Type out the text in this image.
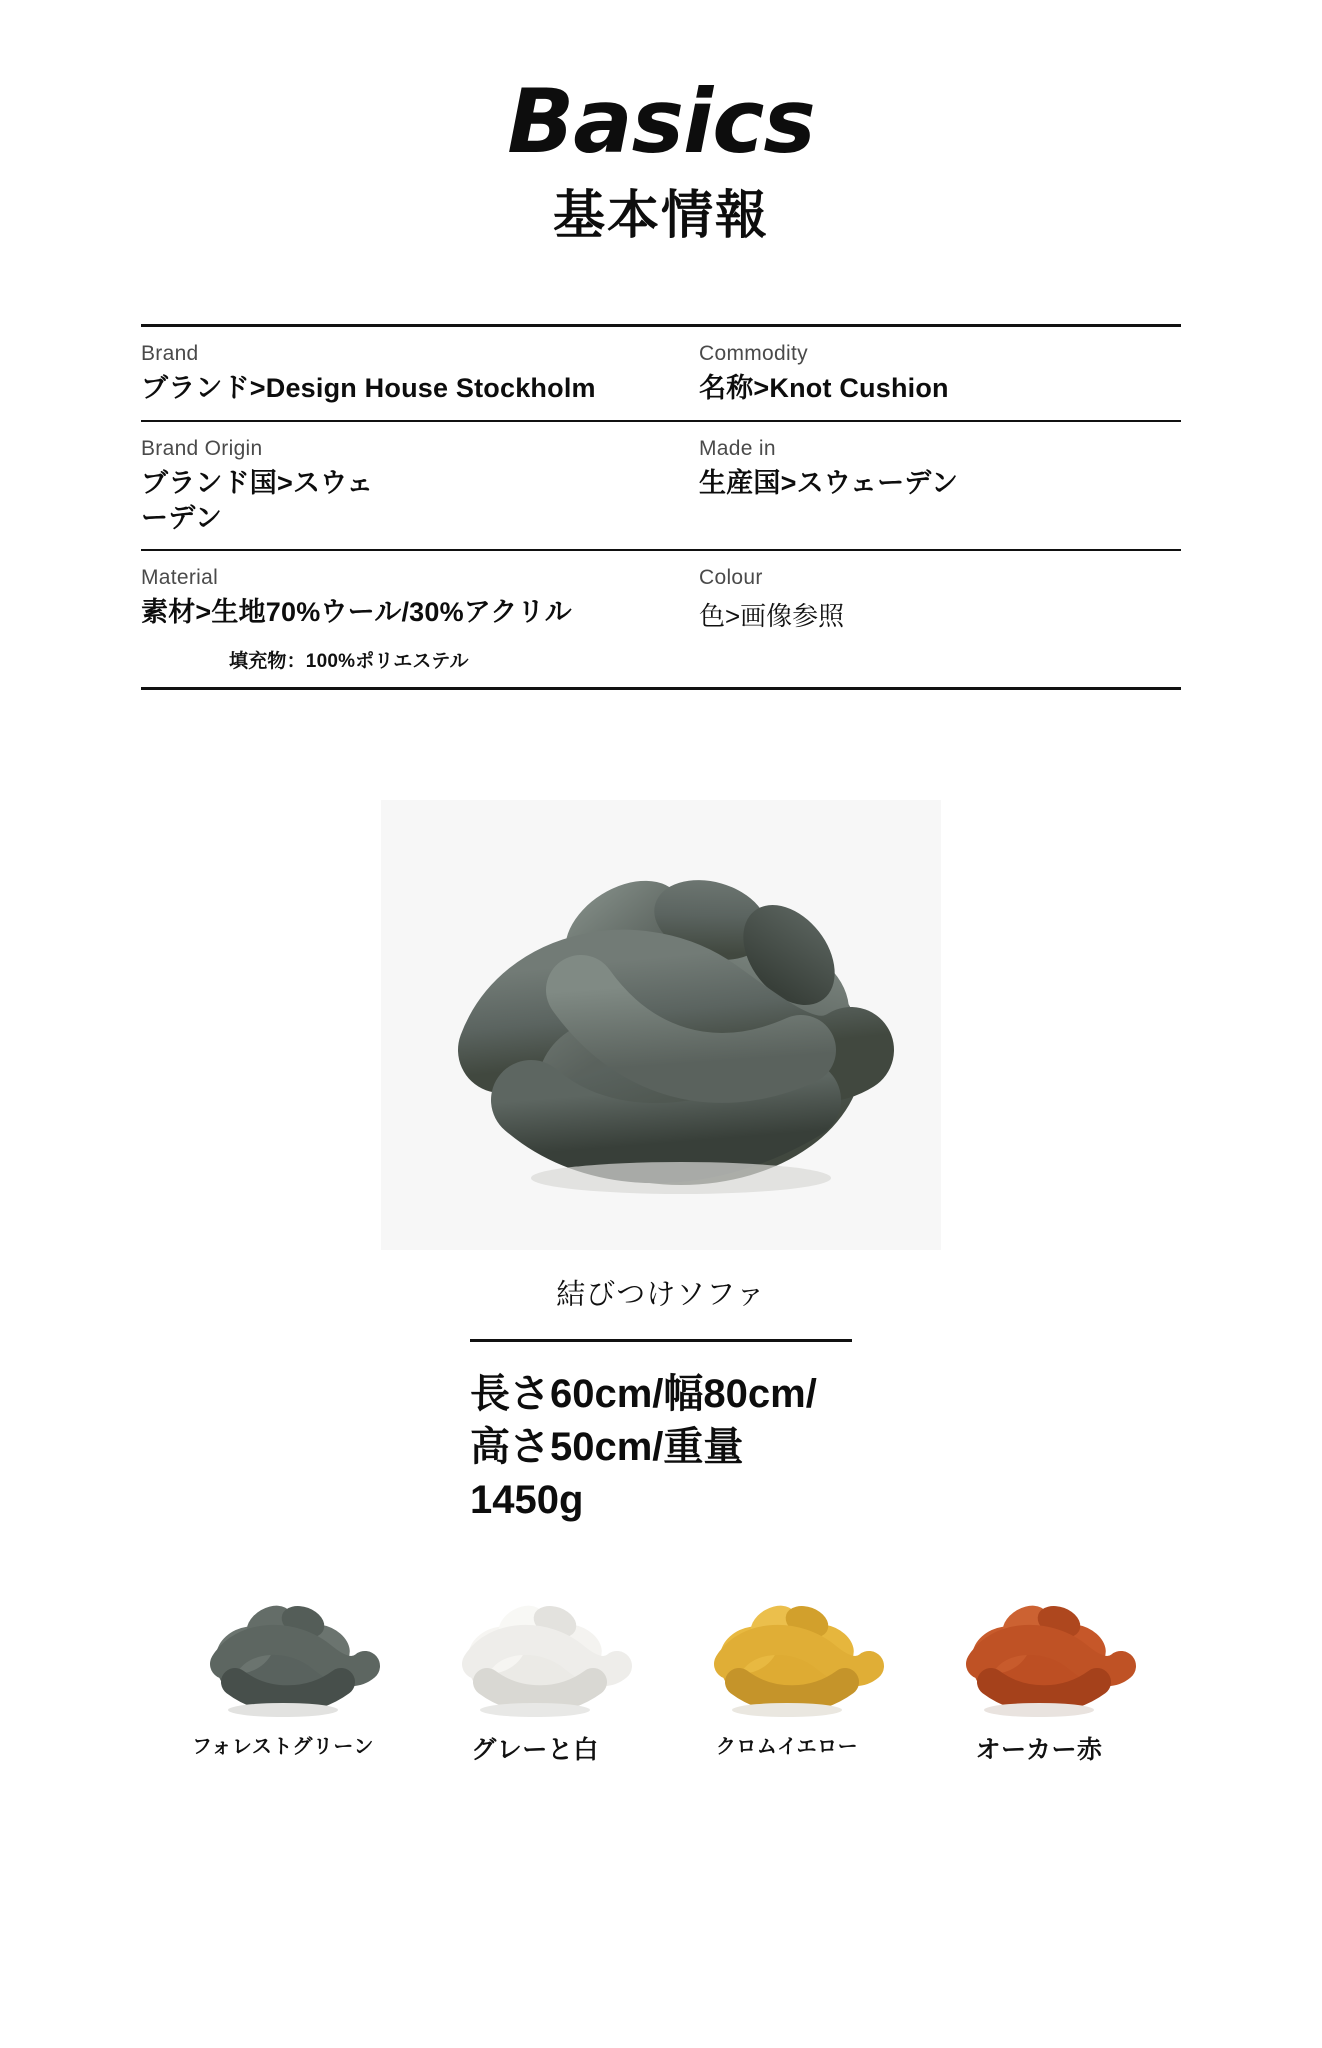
Basics
基本情報
Brand
ブランド>Design House Stockholm
Commodity
名称>Knot Cushion
Brand Origin
ブランド国>スウェーデン
Made in
生産国>スウェーデン
Material
素材>生地70%ウール/30%アクリル
填充物：100%ポリエステル
Colour
色>画像参照
結びつけソファ
長さ60cm/幅80cm/高さ50cm/重量1450g
フォレストグリーン	グレーと白	クロムイエロー	オーカー赤
